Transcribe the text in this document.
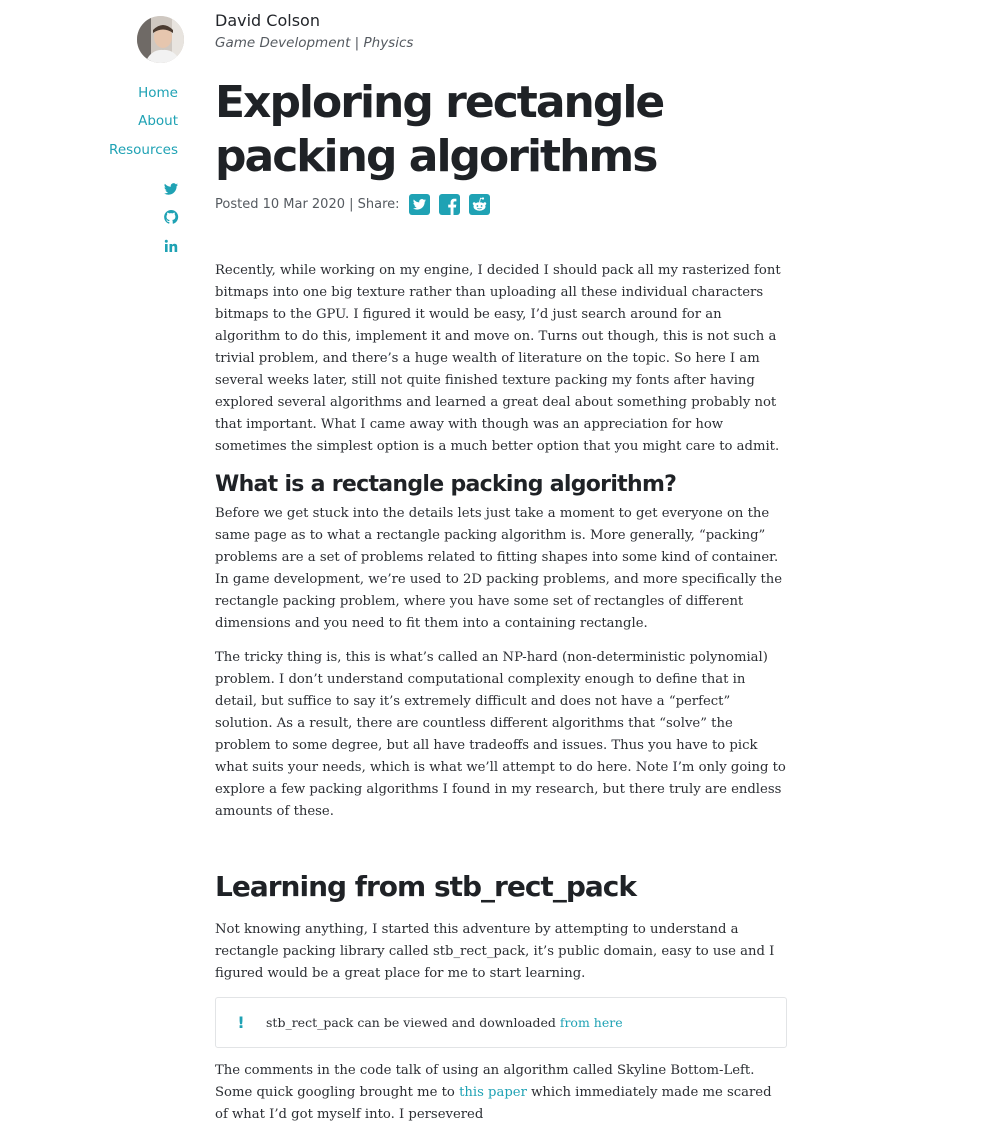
Home
About
Resources
David Colson
Game Development | Physics
Exploring rectangle packing algorithms
Posted 10 Mar 2020 | Share:

Recently, while working on my engine, I decided I should pack all my rasterized font bitmaps into one big texture rather than uploading all these individual characters bitmaps to the GPU. I figured it would be easy, I’d just search around for an algorithm to do this, implement it and move on. Turns out though, this is not such a trivial problem, and there’s a huge wealth of literature on the topic. So here I am several weeks later, still not quite finished texture packing my fonts after having explored several algorithms and learned a great deal about something probably not that important. What I came away with though was an appreciation for how sometimes the simplest option is a much better option that you might care to admit.

What is a rectangle packing algorithm?

Before we get stuck into the details lets just take a moment to get everyone on the same page as to what a rectangle packing algorithm is. More generally, “packing” problems are a set of problems related to fitting shapes into some kind of container. In game development, we’re used to 2D packing problems, and more specifically the rectangle packing problem, where you have some set of rectangles of different dimensions and you need to fit them into a containing rectangle.

The tricky thing is, this is what’s called an NP-hard (non-deterministic polynomial) problem. I don’t understand computational complexity enough to define that in detail, but suffice to say it’s extremely difficult and does not have a “perfect” solution. As a result, there are countless different algorithms that “solve” the problem to some degree, but all have tradeoffs and issues. Thus you have to pick what suits your needs, which is what we’ll attempt to do here. Note I’m only going to explore a few packing algorithms I found in my research, but there truly are endless amounts of these.

Learning from stb_rect_pack

Not knowing anything, I started this adventure by attempting to understand a rectangle packing library called stb_rect_pack, it’s public domain, easy to use and I figured would be a great place for me to start learning.

!	stb_rect_pack can be viewed and downloaded from here

The comments in the code talk of using an algorithm called Skyline Bottom-Left. Some quick googling brought me to this paper which immediately made me scared of what I’d got myself into. I persevered
